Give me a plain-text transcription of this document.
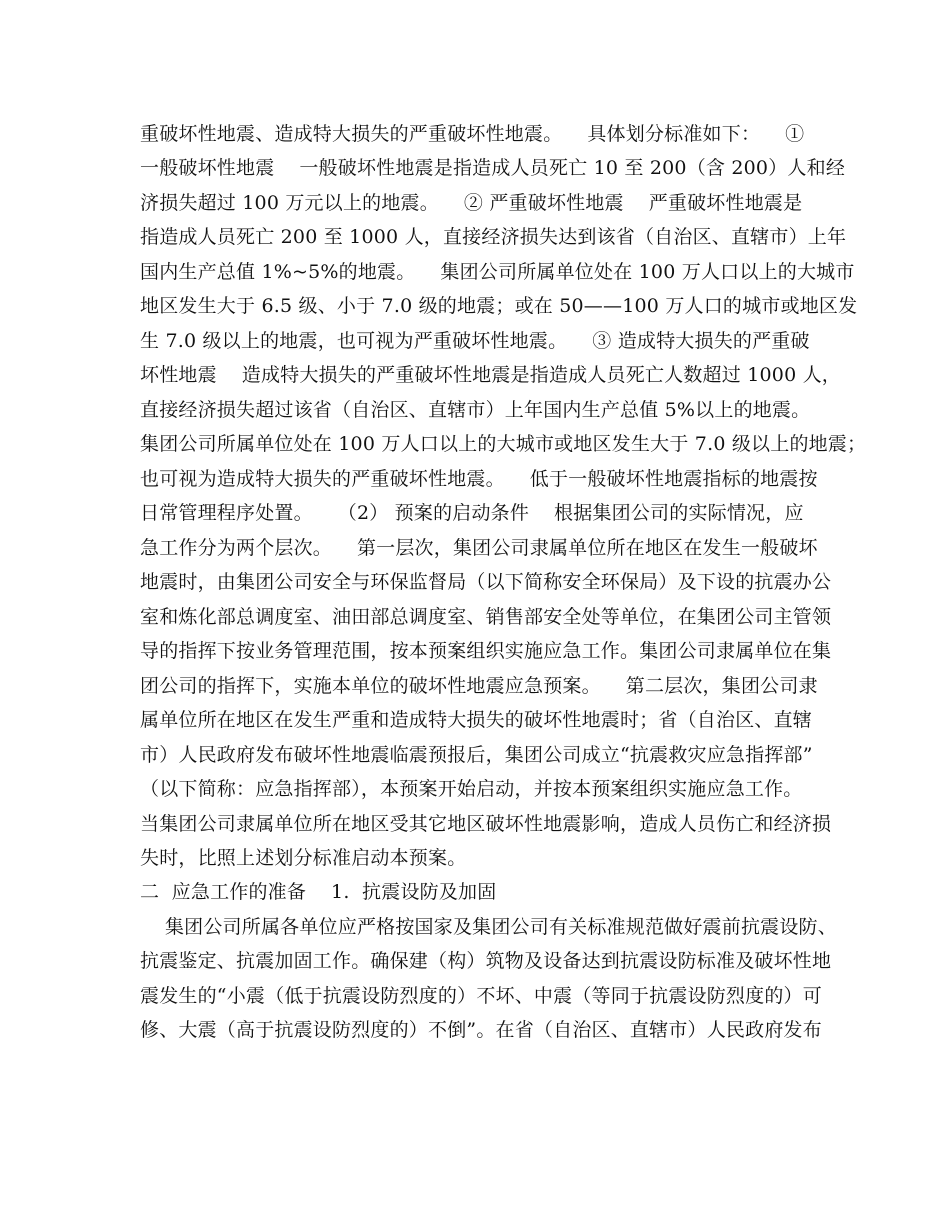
重破坏性地震、造成特大损失的严重破坏性地震。    具体划分标准如下：    ①
一般破坏性地震    一般破坏性地震是指造成人员死亡 10 至 200（含 200）人和经
济损失超过 100 万元以上的地震。    ② 严重破坏性地震    严重破坏性地震是
指造成人员死亡 200 至 1000 人，直接经济损失达到该省（自治区、直辖市）上年
国内生产总值 1%~5%的地震。    集团公司所属单位处在 100 万人口以上的大城市
地区发生大于 6.5 级、小于 7.0 级的地震；或在 50——100 万人口的城市或地区发
生 7.0 级以上的地震，也可视为严重破坏性地震。    ③ 造成特大损失的严重破
坏性地震    造成特大损失的严重破坏性地震是指造成人员死亡人数超过 1000 人，
直接经济损失超过该省（自治区、直辖市）上年国内生产总值 5%以上的地震。
集团公司所属单位处在 100 万人口以上的大城市或地区发生大于 7.0 级以上的地震；
也可视为造成特大损失的严重破坏性地震。    低于一般破坏性地震指标的地震按
日常管理程序处置。    （2） 预案的启动条件    根据集团公司的实际情况，应
急工作分为两个层次。    第一层次，集团公司隶属单位所在地区在发生一般破坏
地震时，由集团公司安全与环保监督局（以下简称安全环保局）及下设的抗震办公
室和炼化部总调度室、油田部总调度室、销售部安全处等单位，在集团公司主管领
导的指挥下按业务管理范围，按本预案组织实施应急工作。集团公司隶属单位在集
团公司的指挥下，实施本单位的破坏性地震应急预案。    第二层次，集团公司隶
属单位所在地区在发生严重和造成特大损失的破坏性地震时；省（自治区、直辖
市）人民政府发布破坏性地震临震预报后，集团公司成立“抗震救灾应急指挥部”
（以下简称：应急指挥部），本预案开始启动，并按本预案组织实施应急工作。
当集团公司隶属单位所在地区受其它地区破坏性地震影响，造成人员伤亡和经济损
失时，比照上述划分标准启动本预案。
二  应急工作的准备    1.  抗震设防及加固
集团公司所属各单位应严格按国家及集团公司有关标准规范做好震前抗震设防、
抗震鉴定、抗震加固工作。确保建（构）筑物及设备达到抗震设防标准及破坏性地
震发生的“小震（低于抗震设防烈度的）不坏、中震（等同于抗震设防烈度的）可
修、大震（高于抗震设防烈度的）不倒”。在省（自治区、直辖市）人民政府发布
